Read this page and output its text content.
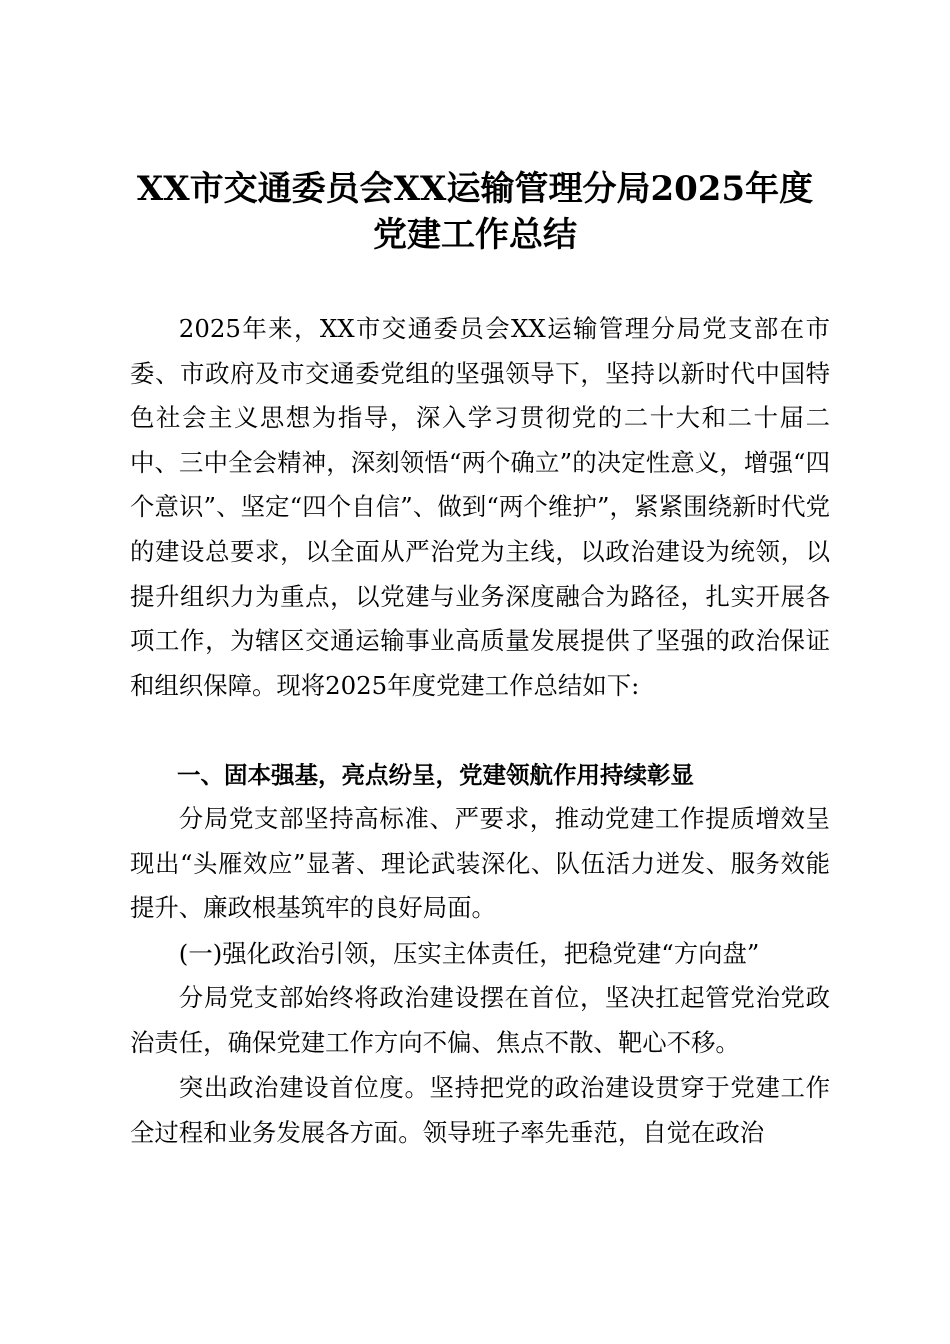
XX市交通委员会XX运输管理分局2025年度
党建工作总结

2025年来，XX市交通委员会XX运输管理分局党支部在市委、市政府及市交通委党组的坚强领导下，坚持以新时代中国特色社会主义思想为指导，深入学习贯彻党的二十大和二十届二中、三中全会精神，深刻领悟“两个确立”的决定性意义，增强“四个意识”、坚定“四个自信”、做到“两个维护”，紧紧围绕新时代党的建设总要求，以全面从严治党为主线，以政治建设为统领，以提升组织力为重点，以党建与业务深度融合为路径，扎实开展各项工作，为辖区交通运输事业高质量发展提供了坚强的政治保证和组织保障。现将2025年度党建工作总结如下:

一、固本强基，亮点纷呈，党建领航作用持续彰显

分局党支部坚持高标准、严要求，推动党建工作提质增效呈现出“头雁效应”显著、理论武装深化、队伍活力迸发、服务效能提升、廉政根基筑牢的良好局面。

(一)强化政治引领，压实主体责任，把稳党建“方向盘”

分局党支部始终将政治建设摆在首位，坚决扛起管党治党政治责任，确保党建工作方向不偏、焦点不散、靶心不移。

突出政治建设首位度。坚持把党的政治建设贯穿于党建工作全过程和业务发展各方面。领导班子率先垂范，自觉在政治
